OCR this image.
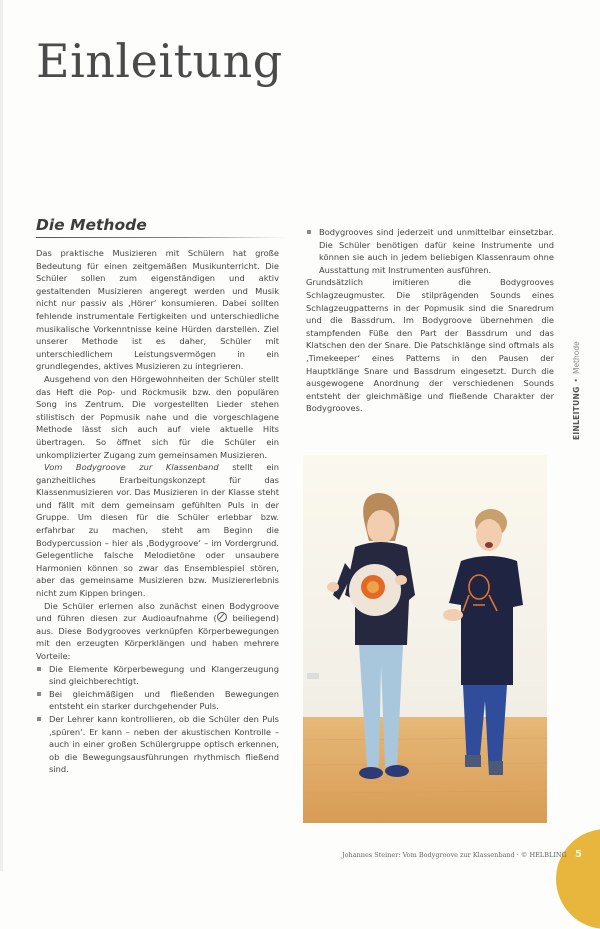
Einleitung
Die Methode

Das praktische Musizieren mit Schülern hat große Bedeutung für einen zeitgemäßen Musikunterricht. Die Schüler sollen zum eigenständigen und aktiv gestaltenden Musizieren angeregt werden und Musik nicht nur passiv als ‚Hörer‘ konsumieren. Dabei sollten fehlende instrumentale Fertigkeiten und unterschiedliche musikalische Vorkenntnisse keine Hürden darstellen. Ziel unserer Methode ist es daher, Schüler mit unterschiedlichem Leistungsvermögen in ein grundlegendes, aktives Musizieren zu integrieren.

Ausgehend von den Hörgewohnheiten der Schüler stellt das Heft die Pop- und Rockmusik bzw. den populären Song ins Zentrum. Die vorgestellten Lieder stehen stilistisch der Popmusik nahe und die vorgeschlagene Methode lässt sich auch auf viele aktuelle Hits übertragen. So öffnet sich für die Schüler ein unkomplizierter Zugang zum gemeinsamen Musizieren.

Vom Bodygroove zur Klassenband stellt ein ganzheitliches Erarbeitungskonzept für das Klassenmusizieren vor. Das Musizieren in der Klasse steht und fällt mit dem gemeinsam gefühlten Puls in der Gruppe. Um diesen für die Schüler erlebbar bzw. erfahrbar zu machen, steht am Beginn die Bodypercussion – hier als ‚Bodygroove‘ – im Vordergrund. Gelegentliche falsche Melodietöne oder unsaubere Harmonien können so zwar das Ensemblespiel stören, aber das gemeinsame Musizieren bzw. Musiziererlebnis nicht zum Kippen bringen.

Die Schüler erlernen also zunächst einen Bodygroove und führen diesen zur Audioaufnahme ( beiliegend) aus. Diese Bodygrooves verknüpfen Körperbewegungen mit den erzeugten Körperklängen und haben mehrere Vorteile:

Die Elemente Körperbewegung und Klangerzeugung sind gleichberechtigt.
Bei gleichmäßigen und fließenden Bewegungen entsteht ein starker durchgehender Puls.
Der Lehrer kann kontrollieren, ob die Schüler den Puls ‚spüren‘. Er kann – neben der akustischen Kontrolle – auch in einer großen Schülergruppe optisch erkennen, ob die Bewegungsausführungen rhythmisch fließend sind.
Bodygrooves sind jederzeit und unmittelbar einsetzbar. Die Schüler benötigen dafür keine Instrumente und können sie auch in jedem beliebigen Klassenraum ohne Ausstattung mit Instrumenten ausführen.

Grundsätzlich imitieren die Bodygrooves Schlagzeugmuster. Die stilprägenden Sounds eines Schlagzeugpatterns in der Popmusik sind die Snaredrum und die Bassdrum. Im Bodygroove übernehmen die stampfenden Füße den Part der Bassdrum und das Klatschen den der Snare. Die Patschklänge sind oftmals als ‚Timekeeper‘ eines Patterns in den Pausen der Hauptklänge Snare und Bassdrum eingesetzt. Durch die ausgewogene Anordnung der verschiedenen Sounds entsteht der gleichmäßige und fließende Charakter der Bodygrooves.	EINLEITUNG•Methode
5
Johannes Steiner: Vom Bodygroove zur Klassenband · © HELBLING
